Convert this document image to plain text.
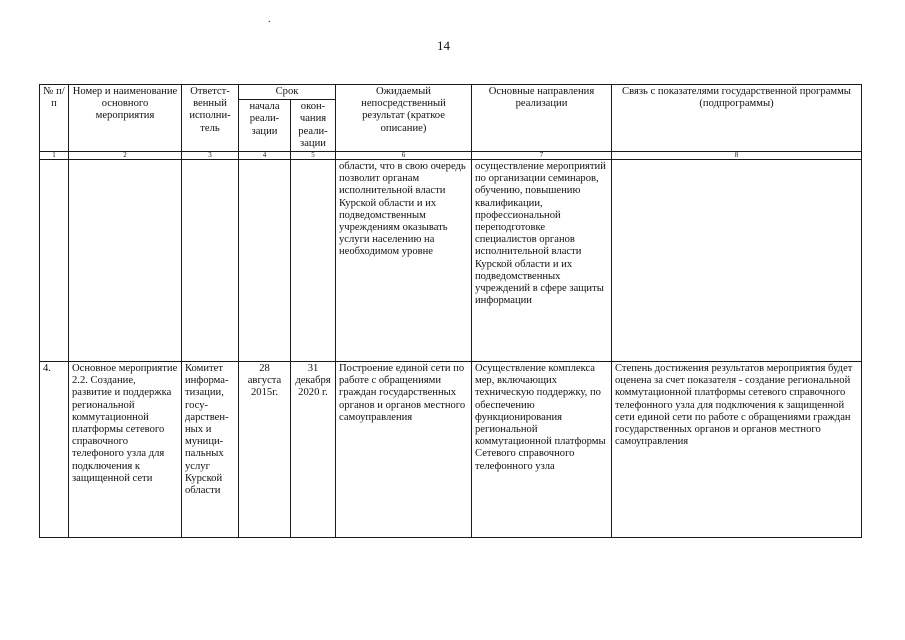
.
14
№ п/п	Номер и наименование основного мероприятия	Ответст-венный исполни-тель	Срок		Ожидаемый непосредственный результат (краткое описание)	Основные направления реализации	Связь с показателями государственной программы (подпрограммы)
			начала реали-зации	окон-чания реали-зации			
1	2	3	4	5	6	7	8
					области, что в свою очередь позволит органам исполнительной власти Курской области и их подведомственным учреждениям оказывать услуги населению на необходимом уровне	осуществление мероприятий по организации семинаров, обучению, повышению квалификации, профессиональной переподготовке специалистов органов исполнительной власти Курской области и их подведомственных учреждений в сфере защиты информации	
4.	Основное мероприятие 2.2. Создание, развитие и поддержка региональной коммутационной платформы сетевого справочного телефоного узла для подключения к защищенной сети	Комитет информа-тизации, госу-дарствен-ных и муници-пальных услуг Курской области	28 августа 2015г.	31 декабря 2020 г.	Построение единой сети по работе с обращениями граждан государственных органов и органов местного самоуправления	Осуществление комплекса мер, включающих техническую поддержку, по обеспечению функционирования региональной коммутационной платформы Сетевого справочного телефонного узла	Степень достижения результатов мероприятия будет оценена за счет показателя - создание региональной коммутационной платформы сетевого справочного телефонного узла для подключения к защищенной сети единой сети по работе с обращениями граждан государственных органов и органов местного самоуправления
